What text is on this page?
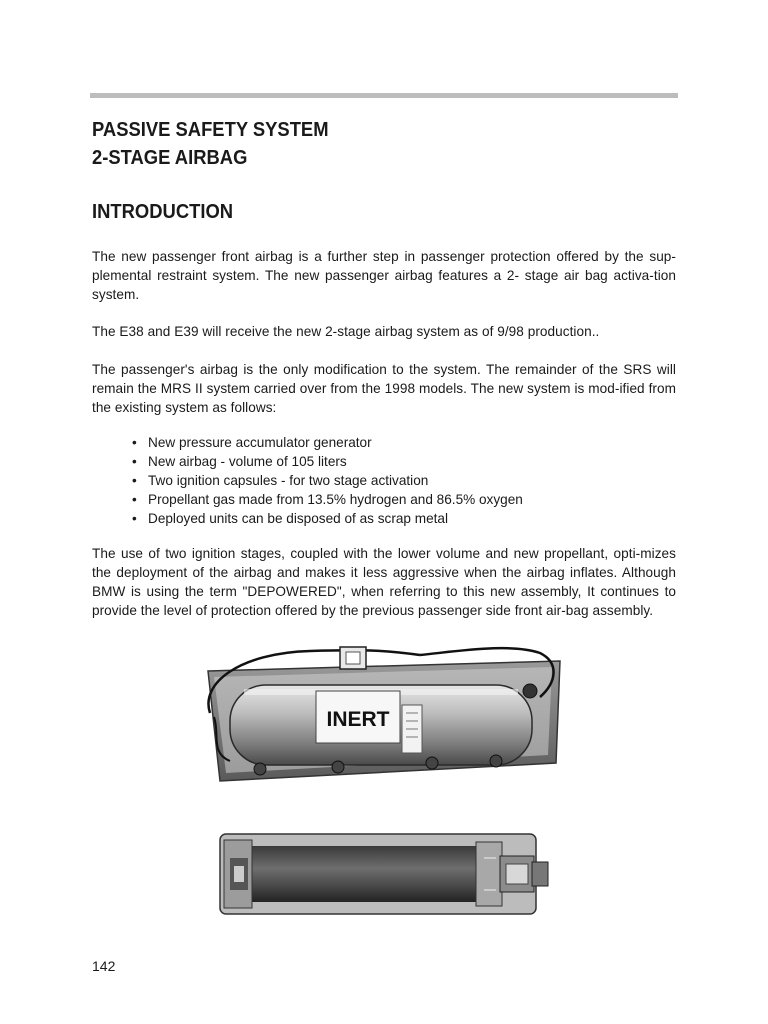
PASSIVE SAFETY SYSTEM
2-STAGE AIRBAG
INTRODUCTION
The new passenger front airbag is a further step in passenger protection offered by the sup-plemental restraint system. The new passenger airbag features a 2- stage air bag activa-tion system.
The E38 and E39 will receive the new 2-stage airbag system as of 9/98 production..
The passenger's airbag is the only modification to the system. The remainder of the SRS will remain the MRS II system carried over from the 1998 models. The new system is mod-ified from the existing system as follows:
• New pressure accumulator generator
• New airbag - volume of 105 liters
• Two ignition capsules - for two stage activation
• Propellant gas made from 13.5% hydrogen and 86.5% oxygen
• Deployed units can be disposed of as scrap metal
The use of two ignition stages, coupled with the lower volume and new propellant, opti-mizes the deployment of the airbag and makes it less aggressive when the airbag inflates. Although BMW is using the term "DEPOWERED", when referring to this new assembly, It continues to provide the level of protection offered by the previous passenger side front air-bag assembly.
INERT
142
